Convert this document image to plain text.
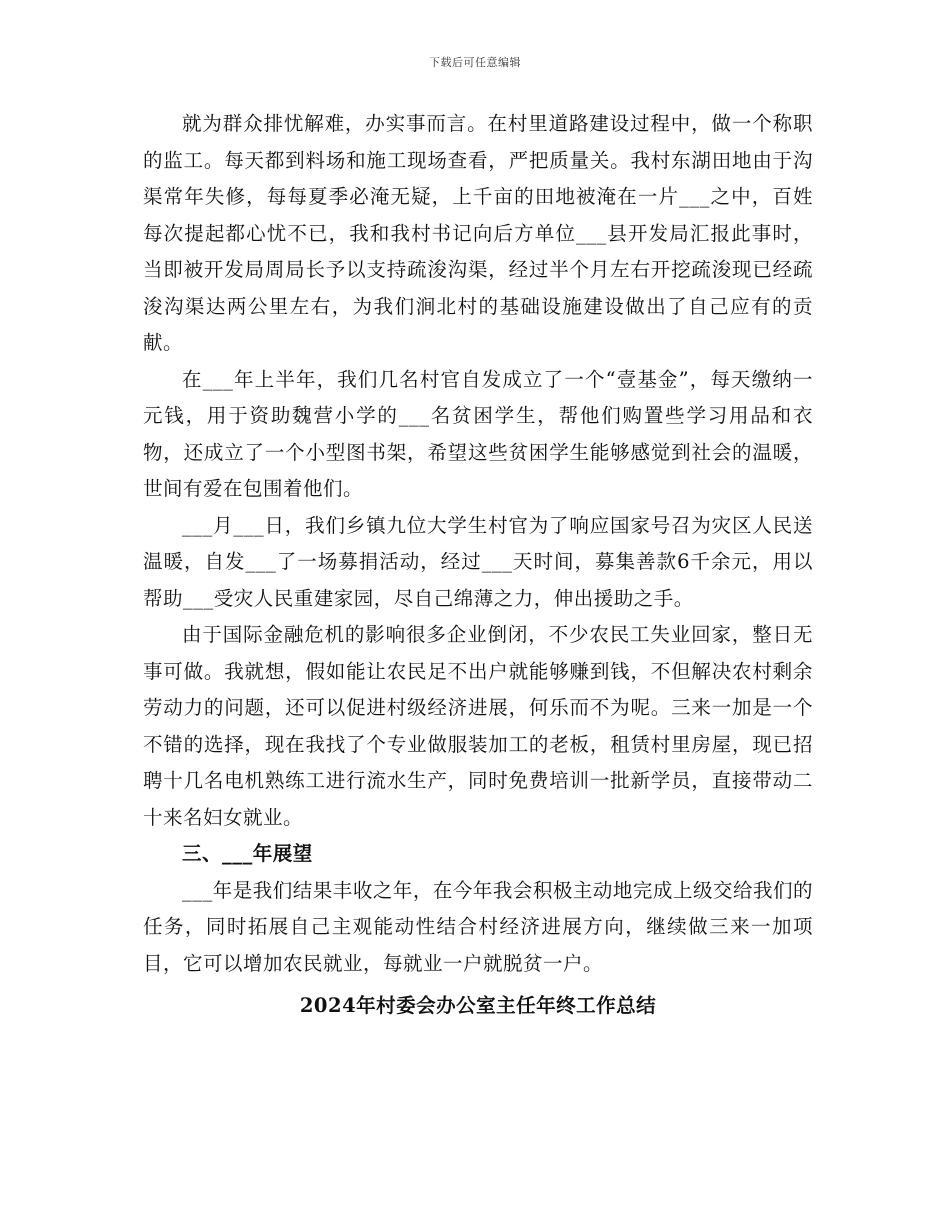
下载后可任意编辑

就为群众排忧解难，办实事而言。在村里道路建设过程中，做一个称职的监工。每天都到料场和施工现场查看，严把质量关。我村东湖田地由于沟渠常年失修，每每夏季必淹无疑，上千亩的田地被淹在一片___之中，百姓每次提起都心忧不已，我和我村书记向后方单位___县开发局汇报此事时，当即被开发局周局长予以支持疏浚沟渠，经过半个月左右开挖疏浚现已经疏浚沟渠达两公里左右，为我们涧北村的基础设施建设做出了自己应有的贡献。

在___年上半年，我们几名村官自发成立了一个“壹基金”，每天缴纳一元钱，用于资助魏营小学的___名贫困学生，帮他们购置些学习用品和衣物，还成立了一个小型图书架，希望这些贫困学生能够感觉到社会的温暖，世间有爱在包围着他们。

___月___日，我们乡镇九位大学生村官为了响应国家号召为灾区人民送温暖，自发___了一场募捐活动，经过___天时间，募集善款6千余元，用以帮助___受灾人民重建家园，尽自己绵薄之力，伸出援助之手。

由于国际金融危机的影响很多企业倒闭，不少农民工失业回家，整日无事可做。我就想，假如能让农民足不出户就能够赚到钱，不但解决农村剩余劳动力的问题，还可以促进村级经济进展，何乐而不为呢。三来一加是一个不错的选择，现在我找了个专业做服装加工的老板，租赁村里房屋，现已招聘十几名电机熟练工进行流水生产，同时免费培训一批新学员，直接带动二十来名妇女就业。

三、___年展望

___年是我们结果丰收之年，在今年我会积极主动地完成上级交给我们的任务，同时拓展自己主观能动性结合村经济进展方向，继续做三来一加项目，它可以增加农民就业，每就业一户就脱贫一户。

2024年村委会办公室主任年终工作总结
